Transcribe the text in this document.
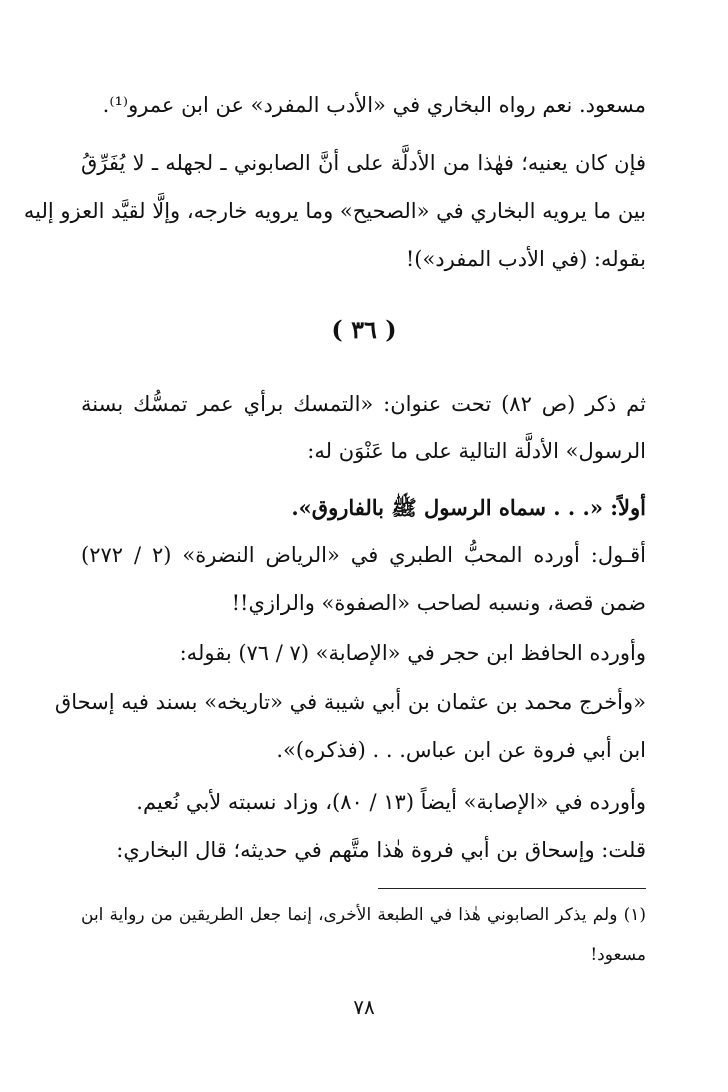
مسعود. نعم رواه البخاري في «الأدب المفرد» عن ابن عمرو⁽¹⁾.
فإن كان يعنيه؛ فهٰذا من الأدلَّة على أنَّ الصابوني ـ لجهله ـ لا يُفَرِّقُ
بين ما يرويه البخاري في «الصحيح» وما يرويه خارجه، وإلَّا لقيَّد العزو إليه
بقوله: (في الأدب المفرد»)!
( ٣٦ )
ثم ذكر (ص ٨٢) تحت عنوان: «التمسك برأي عمر تمسُّك بسنة
الرسول» الأدلَّة التالية على ما عَنْوَن له:
أولاً: «. . . سماه الرسول ﷺ بالفاروق».
أقـول: أورده المحبُّ الطبري في «الرياض النضرة» (٢ / ٢٧٢)
ضمن قصة، ونسبه لصاحب «الصفوة» والرازي!!
وأورده الحافظ ابن حجر في «الإصابة» (٧ / ٧٦) بقوله:
«وأخرج محمد بن عثمان بن أبي شيبة في «تاريخه» بسند فيه إسحاق
ابن أبي فروة عن ابن عباس. . . (فذكره)».
وأورده في «الإصابة» أيضاً (١٣ / ٨٠)، وزاد نسبته لأبي نُعيم.
قلت: وإسحاق بن أبي فروة هٰذا متَّهم في حديثه؛ قال البخاري:
(١) ولم يذكر الصابوني هٰذا في الطبعة الأخرى، إنما جعل الطريقين من رواية ابن
مسعود!
٧٨
